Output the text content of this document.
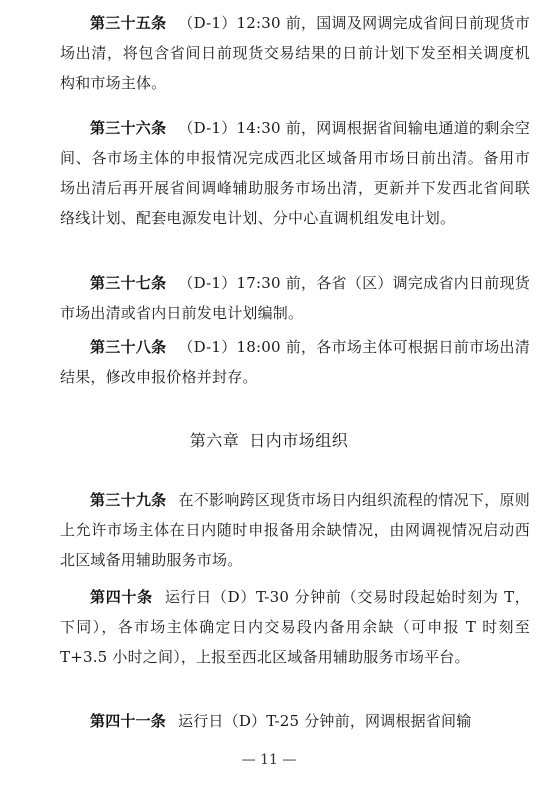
第三十五条 （D-1）12:30 前，国调及网调完成省间日前现货市场出清，将包含省间日前现货交易结果的日前计划下发至相关调度机构和市场主体。

第三十六条 （D-1）14:30 前，网调根据省间输电通道的剩余空间、各市场主体的申报情况完成西北区域备用市场日前出清。备用市场出清后再开展省间调峰辅助服务市场出清，更新并下发西北省间联络线计划、配套电源发电计划、分中心直调机组发电计划。

第三十七条 （D-1）17:30 前，各省（区）调完成省内日前现货市场出清或省内日前发电计划编制。

第三十八条 （D-1）18:00 前，各市场主体可根据日前市场出清结果，修改申报价格并封存。

第六章 日内市场组织

第三十九条 在不影响跨区现货市场日内组织流程的情况下，原则上允许市场主体在日内随时申报备用余缺情况，由网调视情况启动西北区域备用辅助服务市场。

第四十条 运行日（D）T-30 分钟前（交易时段起始时刻为 T，下同），各市场主体确定日内交易段内备用余缺（可申报 T 时刻至 T+3.5 小时之间），上报至西北区域备用辅助服务市场平台。

第四十一条 运行日（D）T-25 分钟前，网调根据省间输

— 11 —
